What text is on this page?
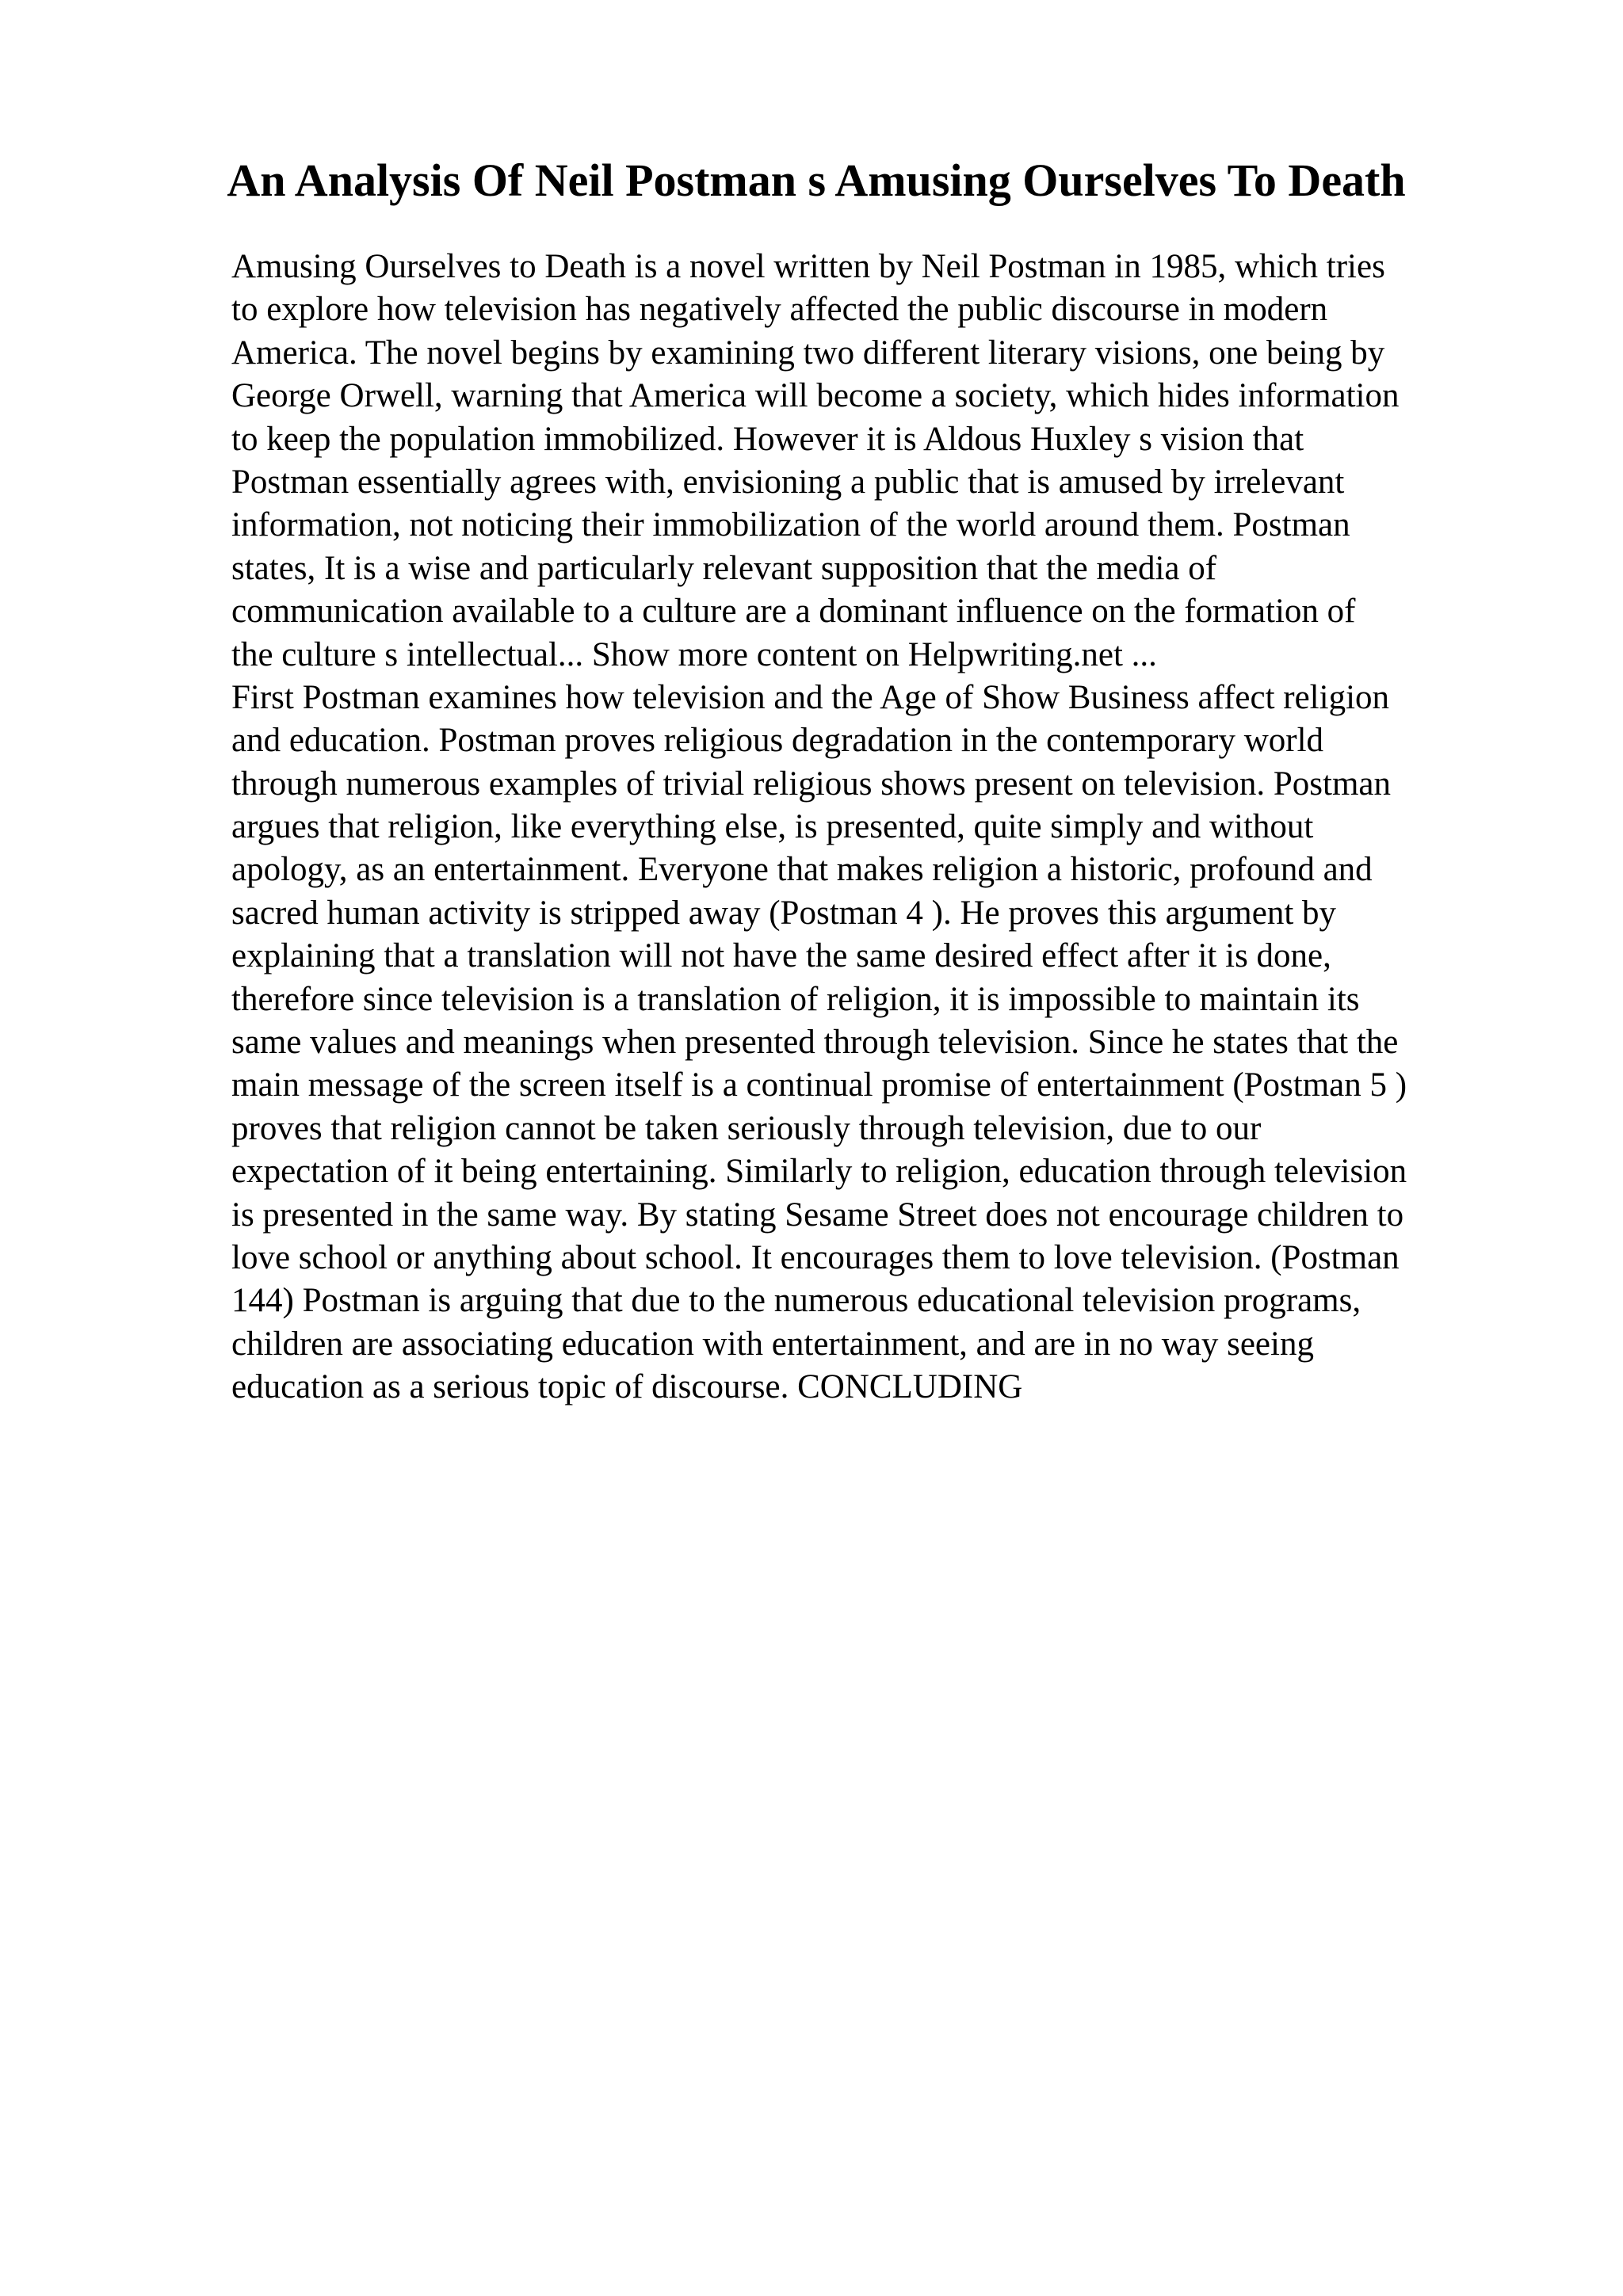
An Analysis Of Neil Postman s Amusing Ourselves To Death
Amusing Ourselves to Death is a novel written by Neil Postman in 1985, which tries
to explore how television has negatively affected the public discourse in modern
America. The novel begins by examining two different literary visions, one being by
George Orwell, warning that America will become a society, which hides information
to keep the population immobilized. However it is Aldous Huxley s vision that
Postman essentially agrees with, envisioning a public that is amused by irrelevant
information, not noticing their immobilization of the world around them. Postman
states, It is a wise and particularly relevant supposition that the media of
communication available to a culture are a dominant influence on the formation of
the culture s intellectual... Show more content on Helpwriting.net ...
First Postman examines how television and the Age of Show Business affect religion
and education. Postman proves religious degradation in the contemporary world
through numerous examples of trivial religious shows present on television. Postman
argues that religion, like everything else, is presented, quite simply and without
apology, as an entertainment. Everyone that makes religion a historic, profound and
sacred human activity is stripped away (Postman 4 ). He proves this argument by
explaining that a translation will not have the same desired effect after it is done,
therefore since television is a translation of religion, it is impossible to maintain its
same values and meanings when presented through television. Since he states that the
main message of the screen itself is a continual promise of entertainment (Postman 5 )
proves that religion cannot be taken seriously through television, due to our
expectation of it being entertaining. Similarly to religion, education through television
is presented in the same way. By stating Sesame Street does not encourage children to
love school or anything about school. It encourages them to love television. (Postman
144) Postman is arguing that due to the numerous educational television programs,
children are associating education with entertainment, and are in no way seeing
education as a serious topic of discourse. CONCLUDING
